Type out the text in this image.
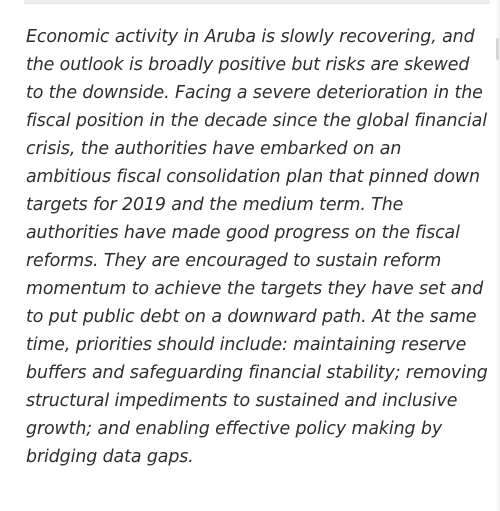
Economic activity in Aruba is slowly recovering, and the outlook is broadly positive but risks are skewed to the downside. Facing a severe deterioration in the fiscal position in the decade since the global financial crisis, the authorities have embarked on an ambitious fiscal consolidation plan that pinned down targets for 2019 and the medium term. The authorities have made good progress on the fiscal reforms. They are encouraged to sustain reform momentum to achieve the targets they have set and to put public debt on a downward path. At the same time, priorities should include: maintaining reserve buffers and safeguarding financial stability; removing structural impediments to sustained and inclusive growth; and enabling effective policy making by bridging data gaps.
